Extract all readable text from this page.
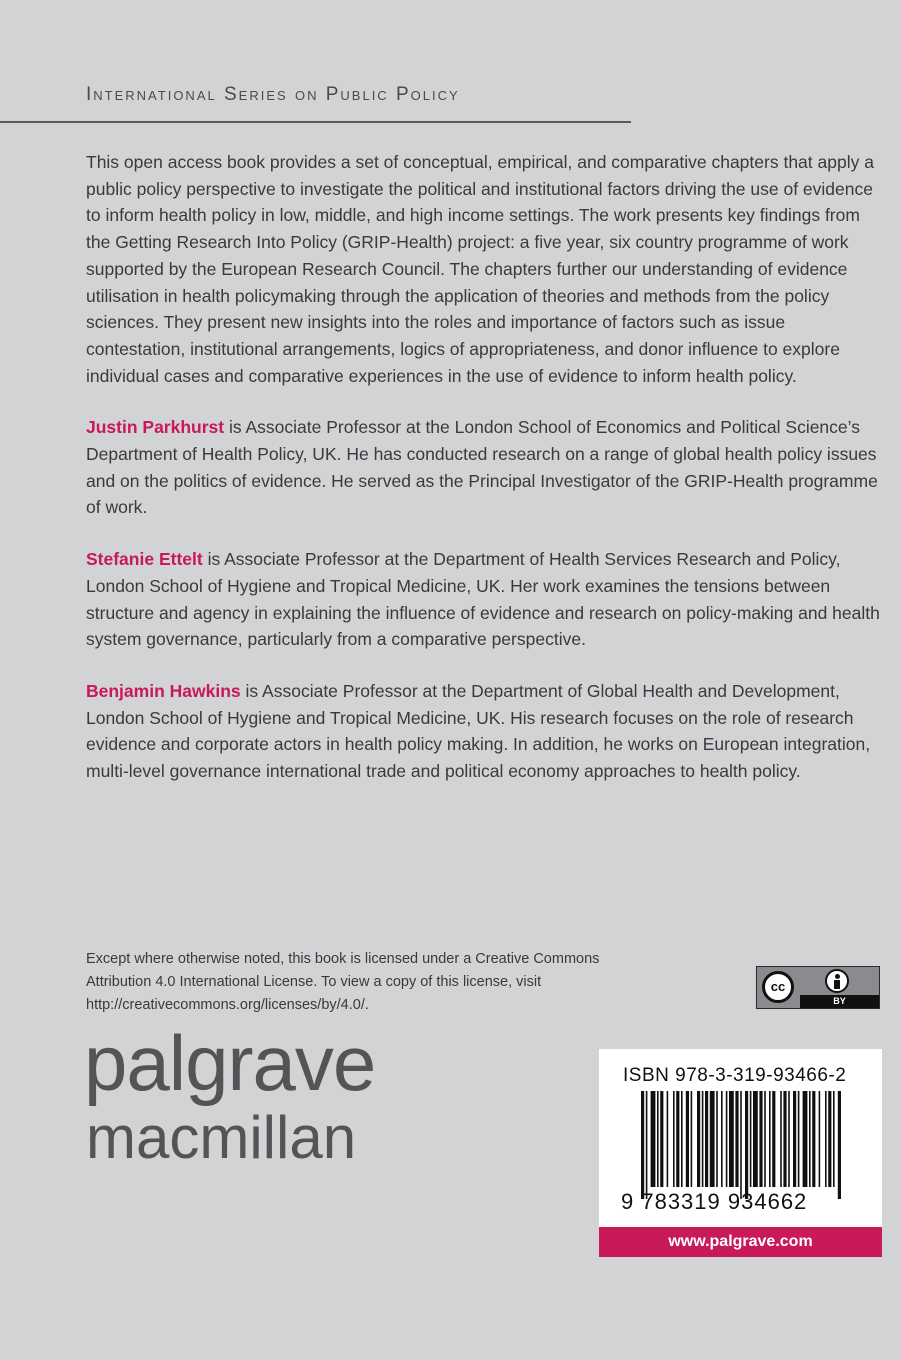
International Series on Public Policy

This open access book provides a set of conceptual, empirical, and comparative chapters that apply a public policy perspective to investigate the political and institutional factors driving the use of evidence to inform health policy in low, middle, and high income settings. The work presents key findings from the Getting Research Into Policy (GRIP-Health) project: a five year, six country programme of work supported by the European Research Council. The chapters further our understanding of evidence utilisation in health policymaking through the application of theories and methods from the policy sciences. They present new insights into the roles and importance of factors such as issue contestation, institutional arrangements, logics of appropriateness, and donor influence to explore individual cases and comparative experiences in the use of evidence to inform health policy.

Justin Parkhurst is Associate Professor at the London School of Economics and Political Science’s Department of Health Policy, UK. He has conducted research on a range of global health policy issues and on the politics of evidence. He served as the Principal Investigator of the GRIP-Health programme of work.

Stefanie Ettelt is Associate Professor at the Department of Health Services Research and Policy, London School of Hygiene and Tropical Medicine, UK. Her work examines the tensions between structure and agency in explaining the influence of evidence and research on policy-making and health system governance, particularly from a comparative perspective.

Benjamin Hawkins is Associate Professor at the Department of Global Health and Development, London School of Hygiene and Tropical Medicine, UK. His research focuses on the role of research evidence and corporate actors in health policy making. In addition, he works on European integration, multi-level governance international trade and political economy approaches to health policy.

Except where otherwise noted, this book is licensed under a Creative Commons Attribution 4.0 International License. To view a copy of this license, visit http://creativecommons.org/licenses/by/4.0/.
cc
BY
palgrave
macmillan
ISBN 978-3-319-93466-2
9 783319 934662
www.palgrave.com
